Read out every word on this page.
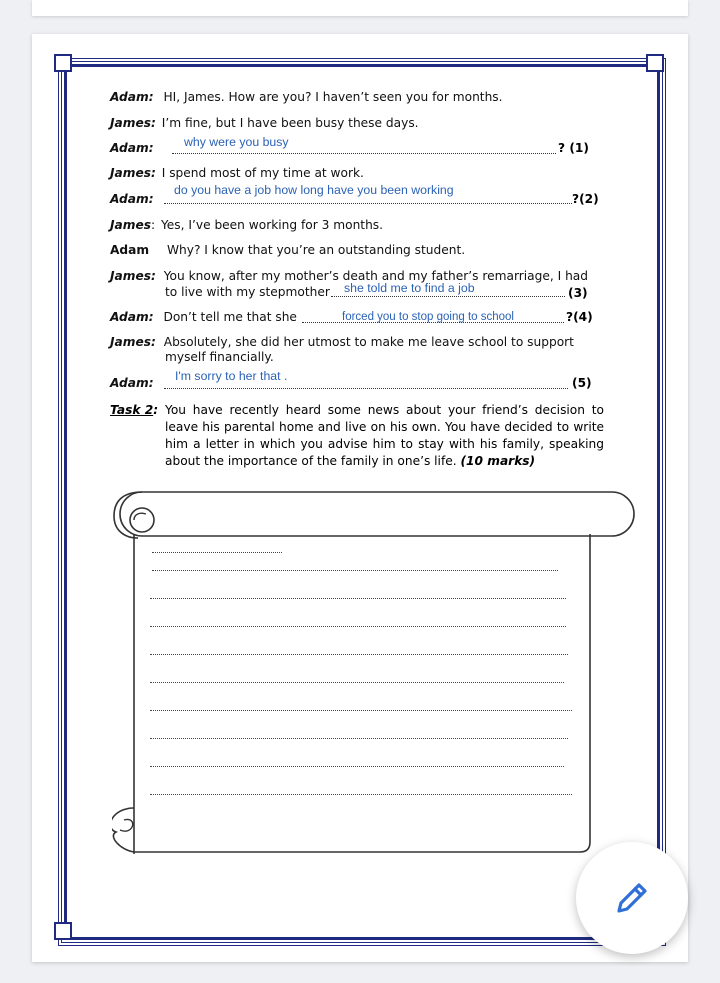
Adam: HI, James. How are you? I haven’t seen you for months.
James: I’m fine, but I have been busy these days.
Adam:	why were you busy	? (1)
James: I spend most of my time at work.
Adam:
do you have a job how long have you been working
?(2)
James: Yes, I’ve been working for 3 months.
Adam Why? I know that you’re an outstanding student.
James: You know, after my mother’s death and my father’s remarriage, I had
to live with my stepmother	she told me to find a job	(3)
Adam: Don’t tell me that she	forced you to stop going to school	?(4)
James: Absolutely, she did her utmost to make me leave school to support
myself financially.
Adam:	I'm sorry to her that .	(5)
Task 2: You have recently heard some news about your friend’s decision to leave his parental home and live on his own. You have decided to write him a letter in which you advise him to stay with his family, speaking about the importance of the family in one’s life. (10 marks)
